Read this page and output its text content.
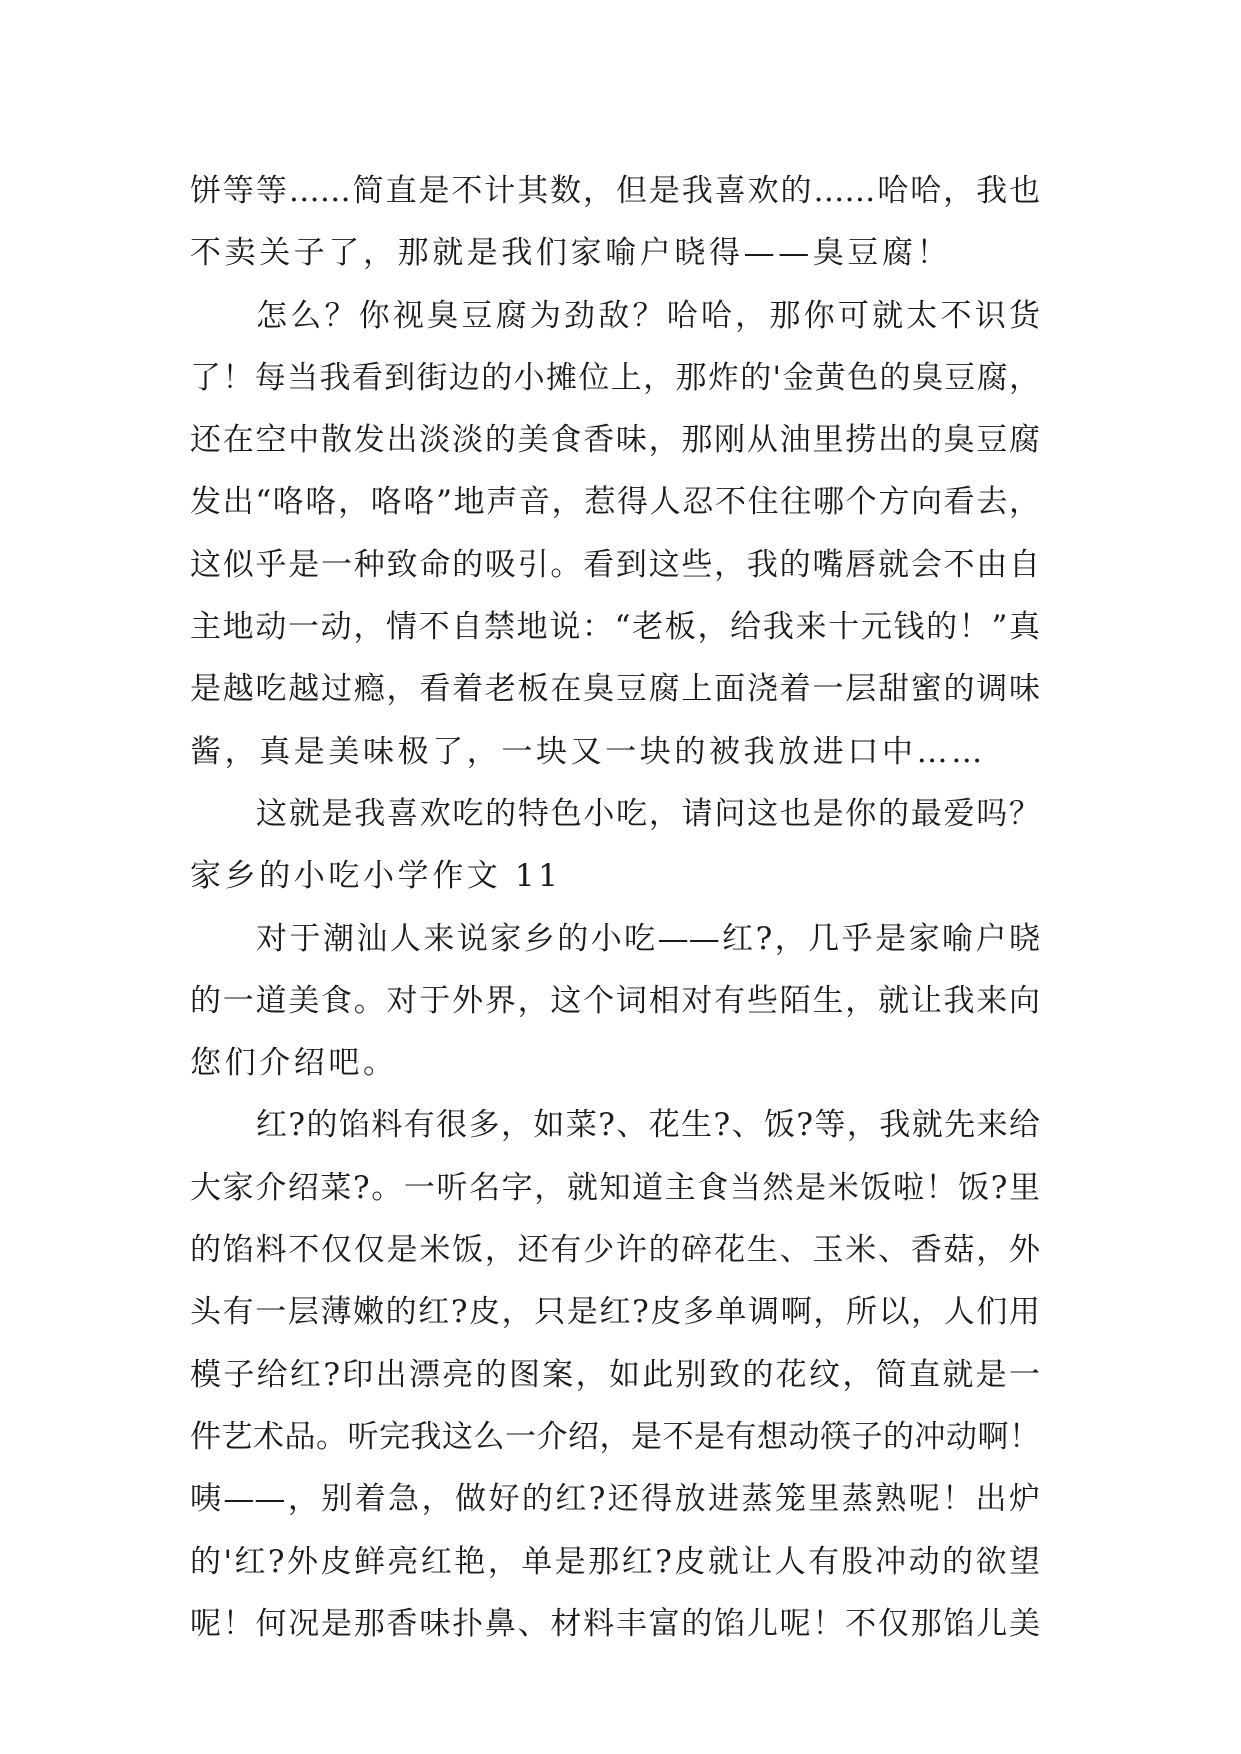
饼等等……简直是不计其数，但是我喜欢的……哈哈，我也
不卖关子了，那就是我们家喻户晓得——臭豆腐！
怎么？你视臭豆腐为劲敌？哈哈，那你可就太不识货
了！每当我看到街边的小摊位上，那炸的'金黄色的臭豆腐，
还在空中散发出淡淡的美食香味，那刚从油里捞出的臭豆腐
发出“咯咯，咯咯”地声音，惹得人忍不住往哪个方向看去，
这似乎是一种致命的吸引。看到这些，我的嘴唇就会不由自
主地动一动，情不自禁地说：“老板，给我来十元钱的！”真
是越吃越过瘾，看着老板在臭豆腐上面浇着一层甜蜜的调味
酱，真是美味极了，一块又一块的被我放进口中……
这就是我喜欢吃的特色小吃，请问这也是你的最爱吗？
家乡的小吃小学作文 11
对于潮汕人来说家乡的小吃——红?，几乎是家喻户晓
的一道美食。对于外界，这个词相对有些陌生，就让我来向
您们介绍吧。
红?的馅料有很多，如菜?、花生?、饭?等，我就先来给
大家介绍菜?。一听名字，就知道主食当然是米饭啦！饭?里
的馅料不仅仅是米饭，还有少许的碎花生、玉米、香菇，外
头有一层薄嫩的红?皮，只是红?皮多单调啊，所以，人们用
模子给红?印出漂亮的图案，如此别致的花纹，简直就是一
件艺术品。听完我这么一介绍，是不是有想动筷子的冲动啊！
咦——，别着急，做好的红?还得放进蒸笼里蒸熟呢！出炉
的'红?外皮鲜亮红艳，单是那红?皮就让人有股冲动的欲望
呢！何况是那香味扑鼻、材料丰富的馅儿呢！不仅那馅儿美
